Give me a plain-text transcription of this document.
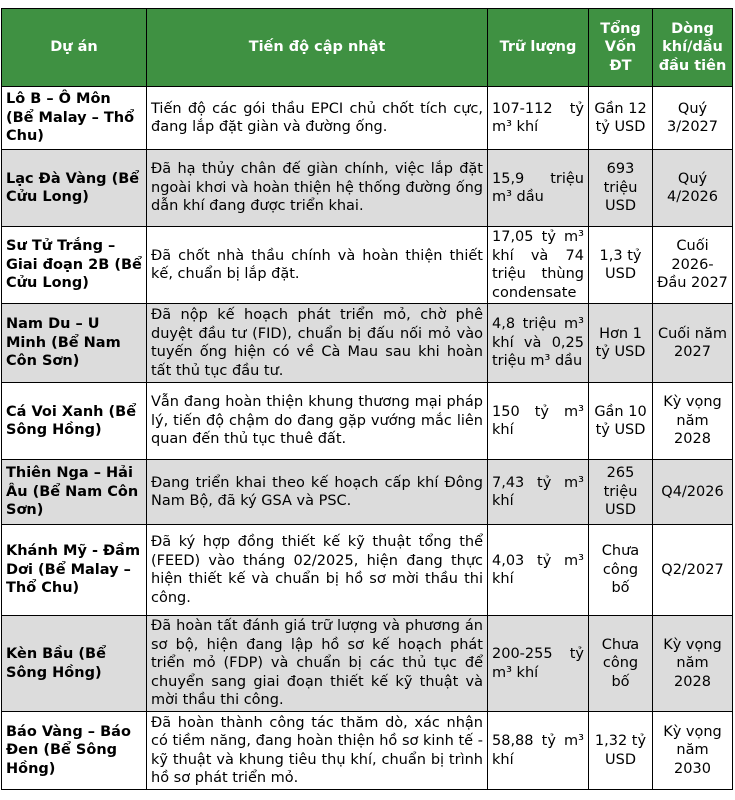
Dự án	Tiến độ cập nhật	Trữ lượng	Tổng Vốn ĐT	Dòng khí/dầu đầu tiên
Lô B – Ô Môn (Bể Malay – Thổ Chu)	Tiến độ các gói thầu EPCI chủ chốt tích cực, đang lắp đặt giàn và đường ống.	107-112 tỷ m³ khí	Gần 12 tỷ USD	Quý 3/2027
Lạc Đà Vàng (Bể Cửu Long)	Đã hạ thủy chân đế giàn chính, việc lắp đặt ngoài khơi và hoàn thiện hệ thống đường ống dẫn khí đang được triển khai.	15,9 triệu m³ dầu	693 triệu USD	Quý 4/2026
Sư Tử Trắng – Giai đoạn 2B (Bể Cửu Long)	Đã chốt nhà thầu chính và hoàn thiện thiết kế, chuẩn bị lắp đặt.	17,05 tỷ m³ khí và 74 triệu thùng condensate	1,3 tỷ USD	Cuối 2026-Đầu 2027
Nam Du – U Minh (Bể Nam Côn Sơn)	Đã nộp kế hoạch phát triển mỏ, chờ phê duyệt đầu tư (FID), chuẩn bị đấu nối mỏ vào tuyến ống hiện có về Cà Mau sau khi hoàn tất thủ tục đầu tư.	4,8 triệu m³ khí và 0,25 triệu m³ dầu	Hơn 1 tỷ USD	Cuối năm 2027
Cá Voi Xanh (Bể Sông Hồng)	Vẫn đang hoàn thiện khung thương mại pháp lý, tiến độ chậm do đang gặp vướng mắc liên quan đến thủ tục thuê đất.	150 tỷ m³ khí	Gần 10 tỷ USD	Kỳ vọng năm 2028
Thiên Nga – Hải Âu (Bể Nam Côn Sơn)	Đang triển khai theo kế hoạch cấp khí Đông Nam Bộ, đã ký GSA và PSC.	7,43 tỷ m³ khí	265 triệu USD	Q4/2026
Khánh Mỹ - Đầm Dơi (Bể Malay – Thổ Chu)	Đã ký hợp đồng thiết kế kỹ thuật tổng thể (FEED) vào tháng 02/2025, hiện đang thực hiện thiết kế và chuẩn bị hồ sơ mời thầu thi công.	4,03 tỷ m³ khí	Chưa công bố	Q2/2027
Kèn Bầu (Bể Sông Hồng)	Đã hoàn tất đánh giá trữ lượng và phương án sơ bộ, hiện đang lập hồ sơ kế hoạch phát triển mỏ (FDP) và chuẩn bị các thủ tục để chuyển sang giai đoạn thiết kế kỹ thuật và mời thầu thi công.	200-255 tỷ m³ khí	Chưa công bố	Kỳ vọng năm 2028
Báo Vàng – Báo Đen (Bể Sông Hồng)	Đã hoàn thành công tác thăm dò, xác nhận có tiềm năng, đang hoàn thiện hồ sơ kinh tế - kỹ thuật và khung tiêu thụ khí, chuẩn bị trình hồ sơ phát triển mỏ.	58,88 tỷ m³ khí	1,32 tỷ USD	Kỳ vọng năm 2030
